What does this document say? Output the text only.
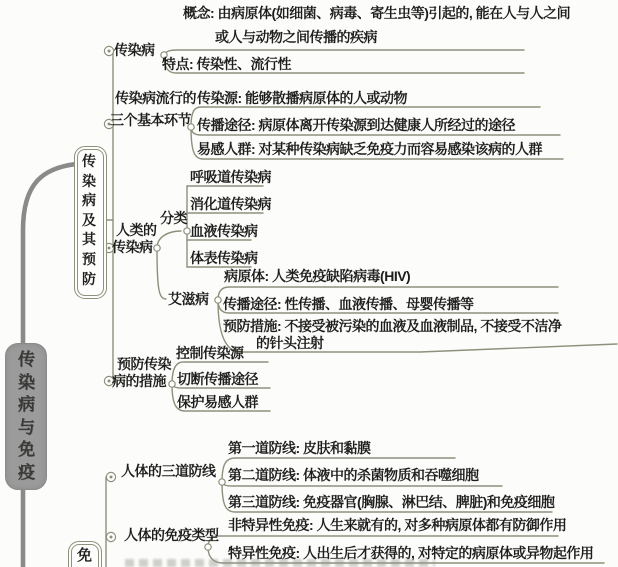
传染病与免疫
传染病及其预防
免
传染病
概念: 由病原体(如细菌、病毒、寄生虫等)引起的, 能在人与人之间
或人与动物之间传播的疾病
特点: 传染性、流行性
传染病流行的
三个基本环节
传染源: 能够散播病原体的人或动物
传播途径: 病原体离开传染源到达健康人所经过的途径
易感人群: 对某种传染病缺乏免疫力而容易感染该病的人群
人类的
传染病
分类
呼吸道传染病
消化道传染病
血液传染病
体表传染病
艾滋病
病原体: 人类免疫缺陷病毒(HIV)
传播途径: 性传播、血液传播、母婴传播等
预防措施: 不接受被污染的血液及血液制品, 不接受不洁净
的针头注射
预防传染
病的措施
控制传染源
切断传播途径
保护易感人群
人体的三道防线
第一道防线: 皮肤和黏膜
第二道防线: 体液中的杀菌物质和吞噬细胞
第三道防线: 免疫器官(胸腺、淋巴结、脾脏)和免疫细胞
人体的免疫类型
非特异性免疫: 人生来就有的, 对多种病原体都有防御作用
特异性免疫: 人出生后才获得的, 对特定的病原体或异物起作用
